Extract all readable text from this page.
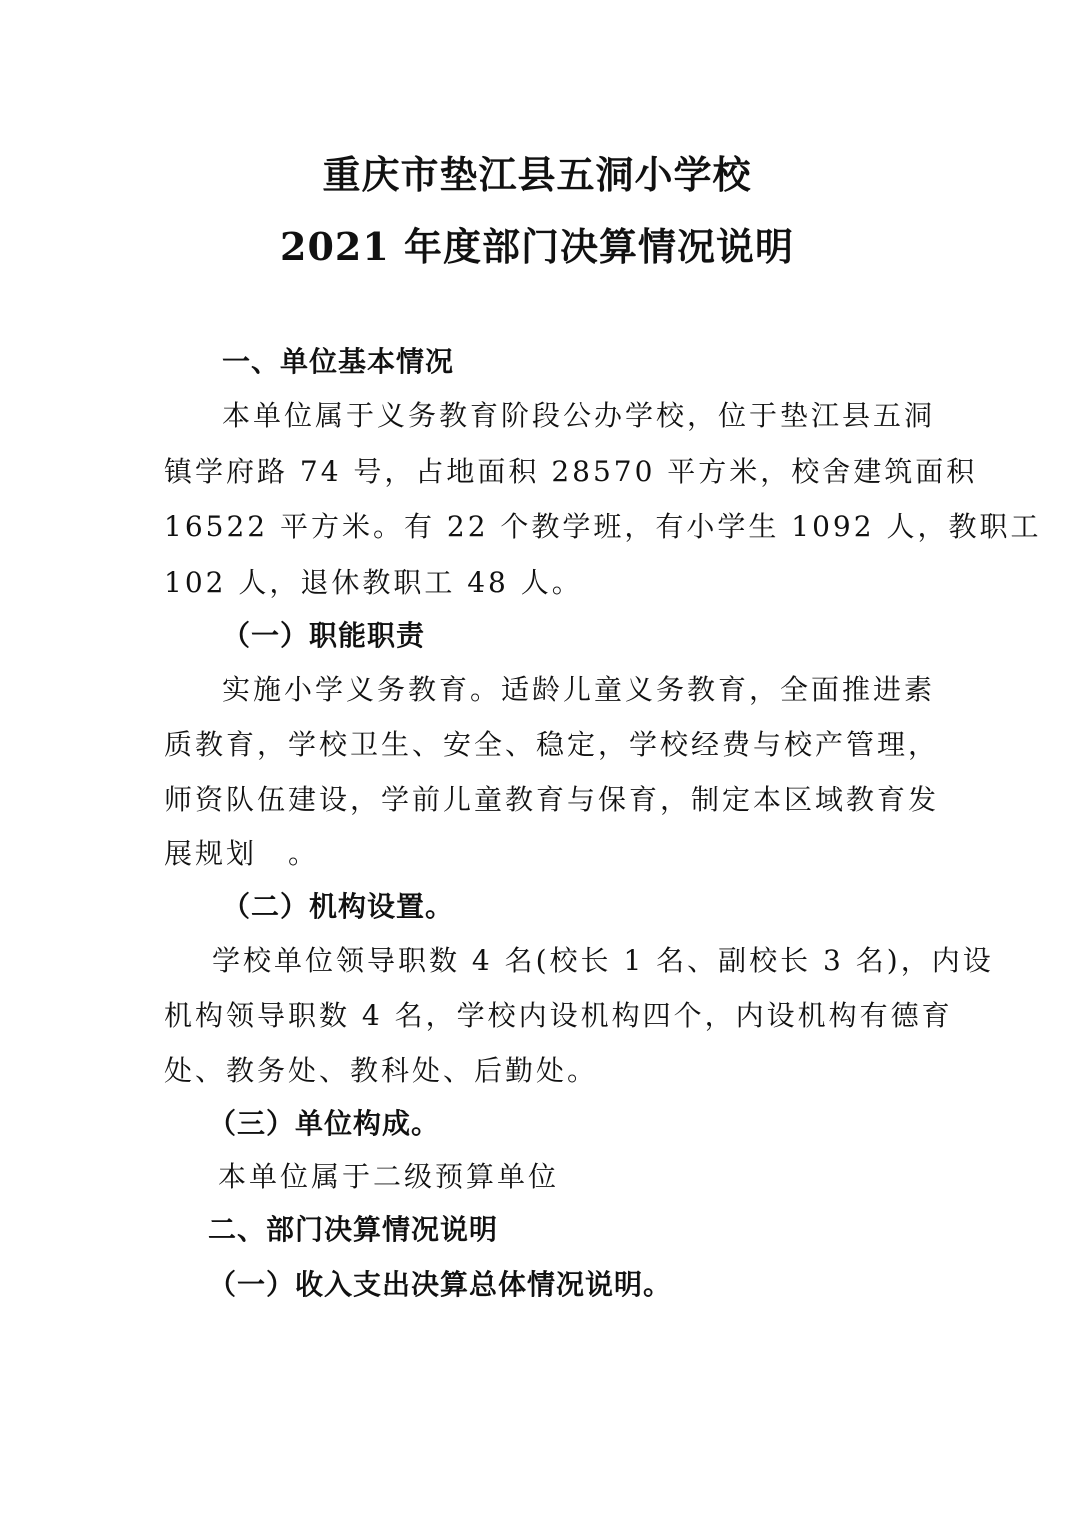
重庆市垫江县五洞小学校
2021 年度部门决算情况说明
一、单位基本情况
本单位属于义务教育阶段公办学校，位于垫江县五洞
镇学府路 74 号，占地面积 28570 平方米，校舍建筑面积
16522 平方米。有 22 个教学班，有小学生 1092 人，教职工
102 人，退休教职工 48 人。
（一）职能职责
实施小学义务教育。适龄儿童义务教育，全面推进素
质教育，学校卫生、安全、稳定，学校经费与校产管理，
师资队伍建设，学前儿童教育与保育，制定本区域教育发
展规划　。
（二）机构设置。
学校单位领导职数 4 名(校长 1 名、副校长 3 名)，内设
机构领导职数 4 名，学校内设机构四个，内设机构有德育
处、教务处、教科处、后勤处。
（三）单位构成。
本单位属于二级预算单位
二、部门决算情况说明
（一）收入支出决算总体情况说明。
